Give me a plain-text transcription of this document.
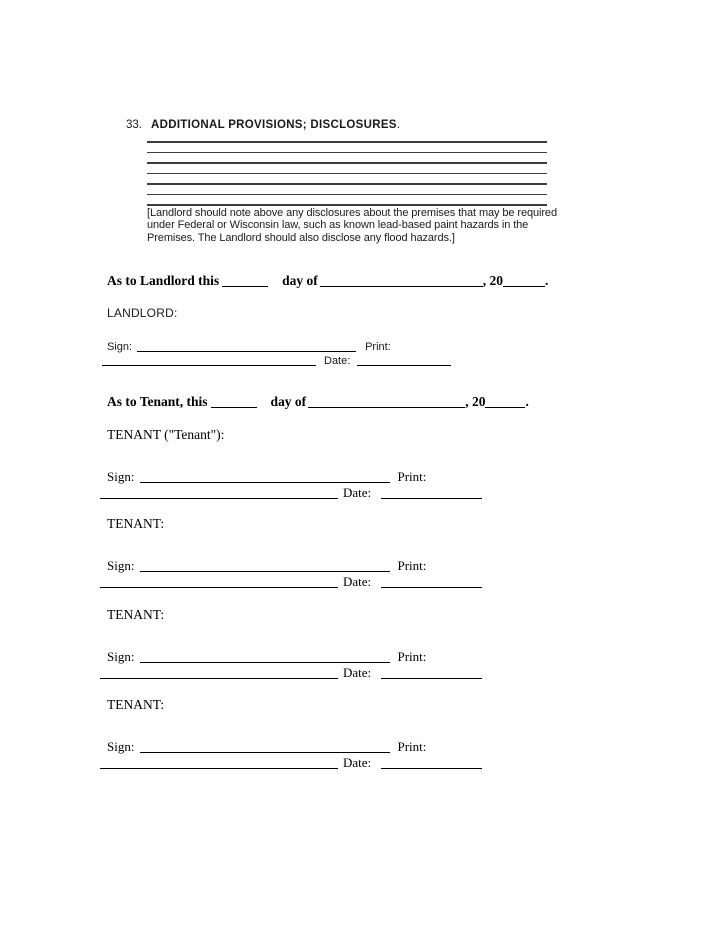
33. ADDITIONAL PROVISIONS; DISCLOSURES.
[Landlord should note above any disclosures about the premises that may be required
under Federal or Wisconsin law, such as known lead-based paint hazards in the
Premises. The Landlord should also disclose any flood hazards.]
As to Landlord this	day of	, 20	.
LANDLORD:
Sign:	Print:
Date:
As to Tenant, this	day of	, 20	.
TENANT ("Tenant"):
Sign:	Print:
Date:
TENANT:
Sign:	Print:
Date:
TENANT:
Sign:	Print:
Date:
TENANT:
Sign:	Print:
Date:
